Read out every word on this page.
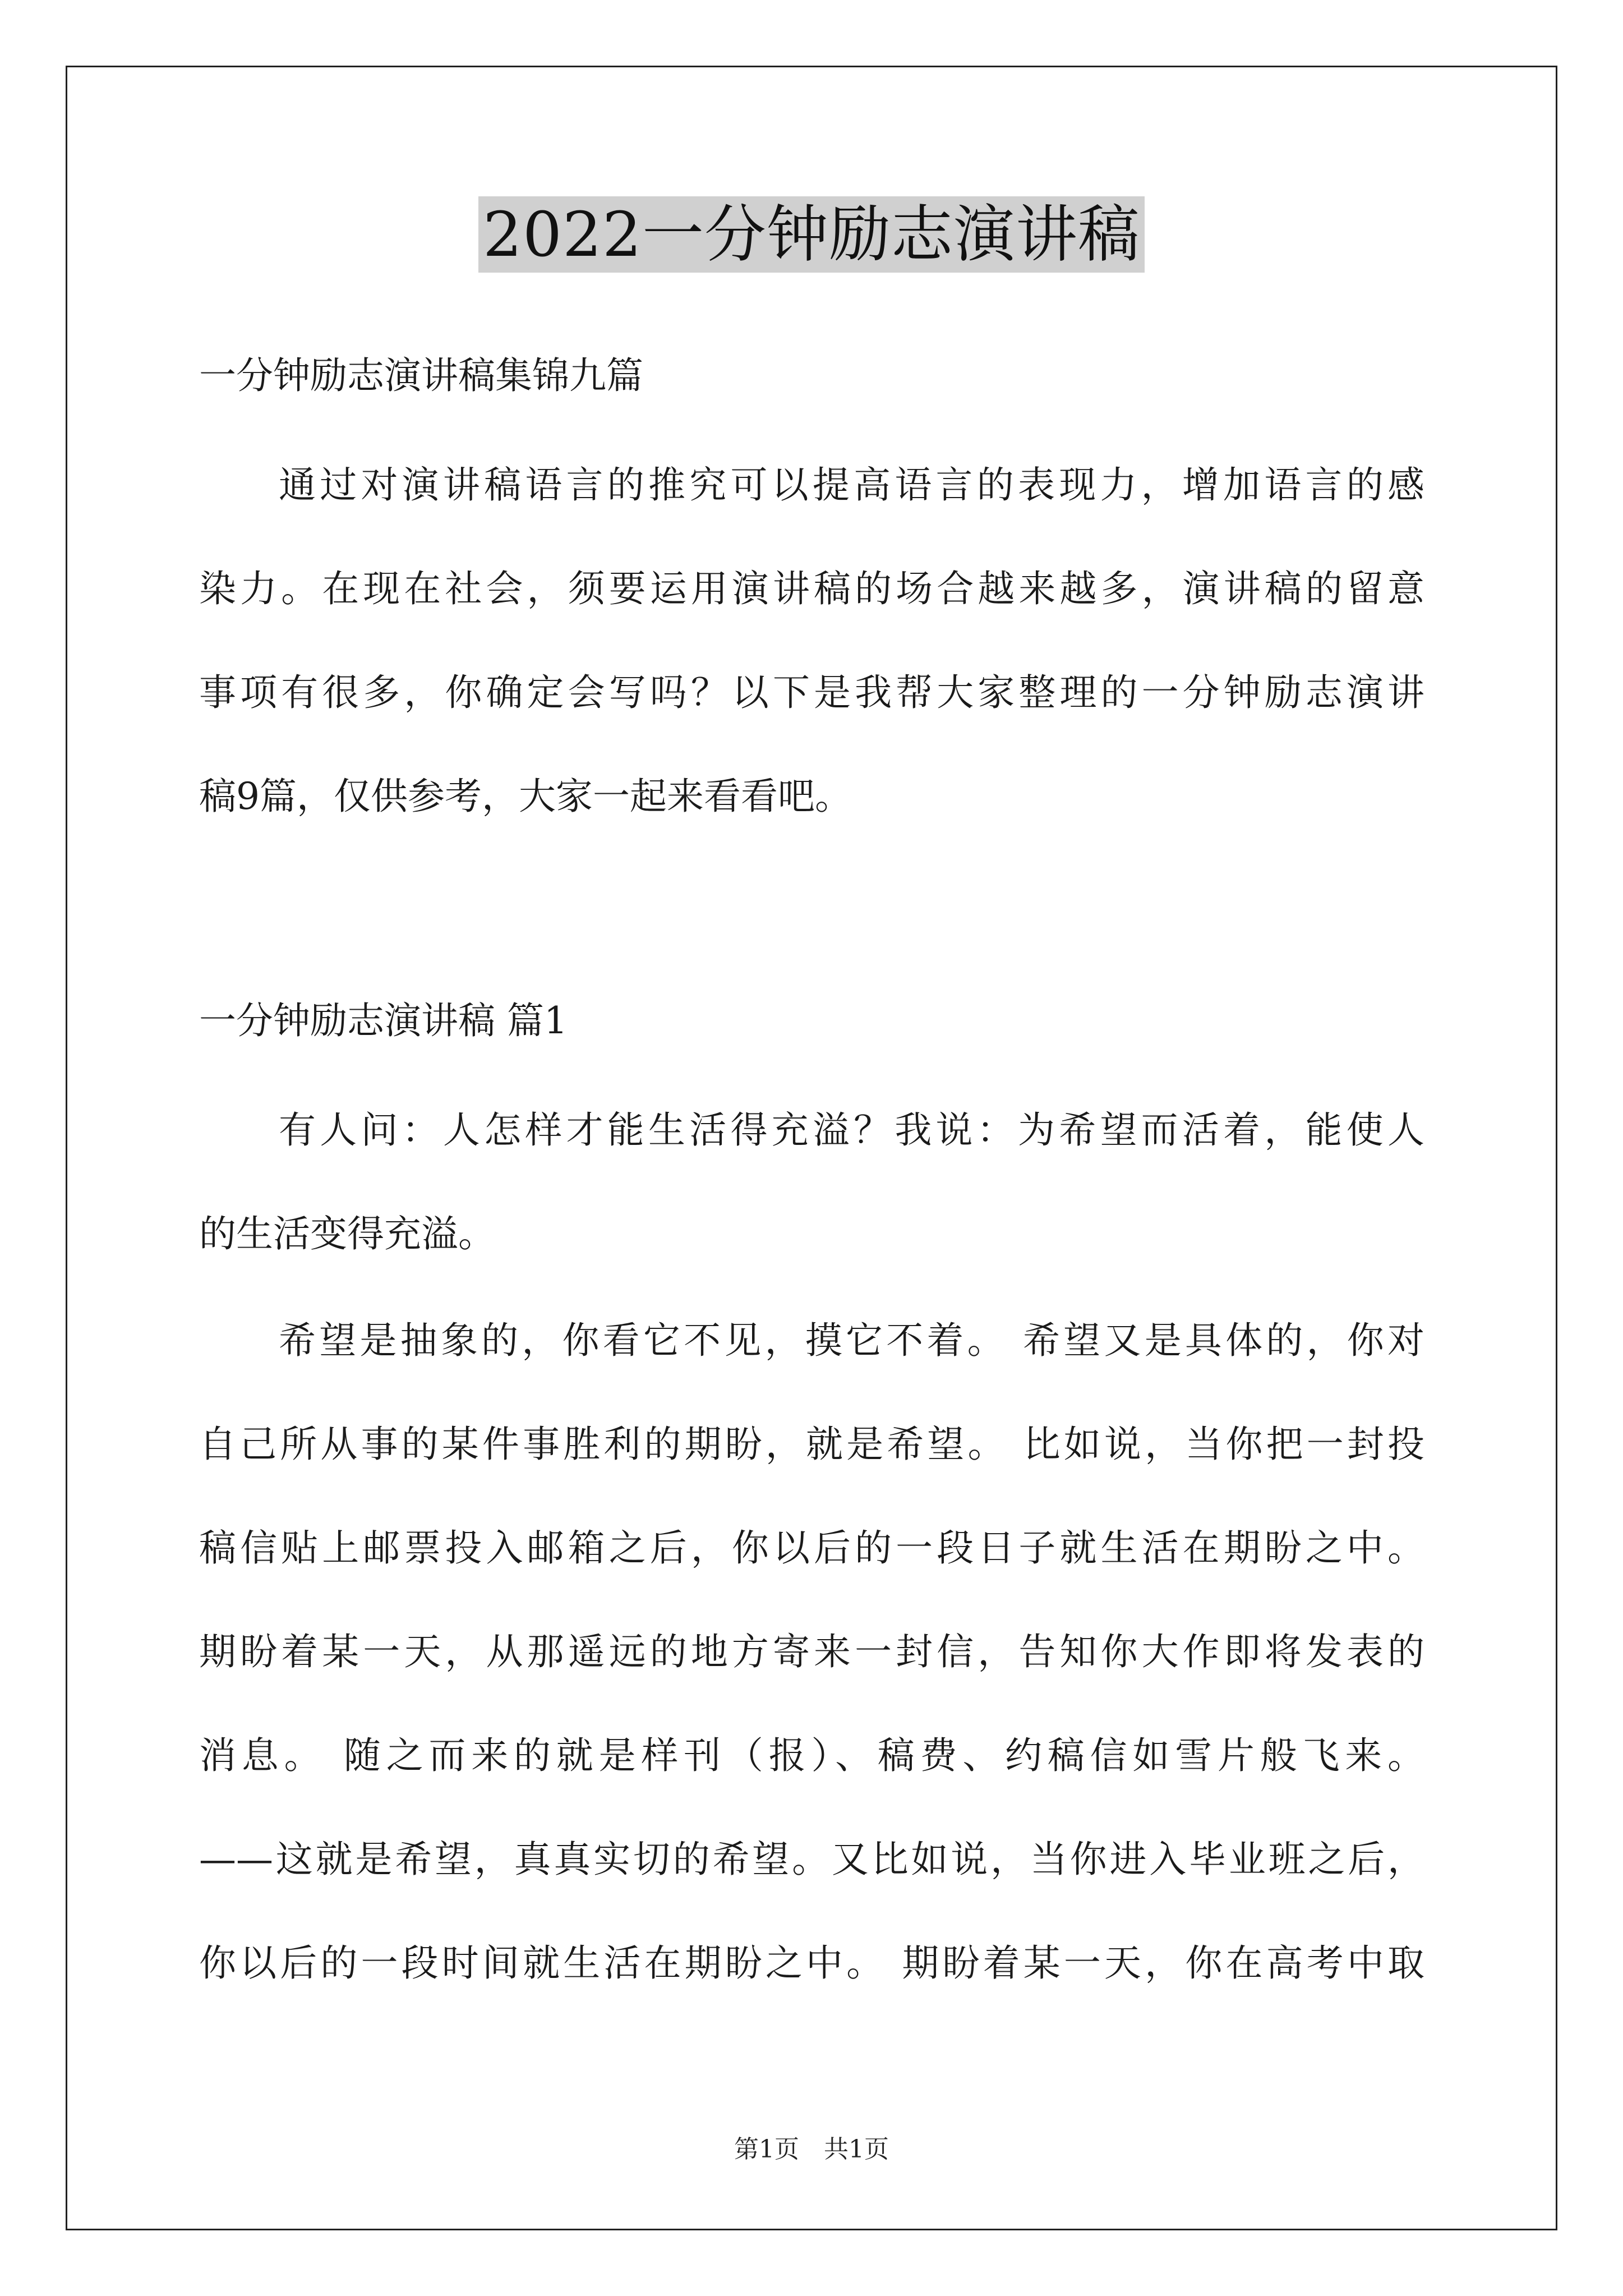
2022一分钟励志演讲稿
一分钟励志演讲稿集锦九篇
通过对演讲稿语言的推究可以提高语言的表现力，增加语言的感
染力。在现在社会，须要运用演讲稿的场合越来越多，演讲稿的留意
事项有很多，你确定会写吗？以下是我帮大家整理的一分钟励志演讲
稿9篇，仅供参考，大家一起来看看吧。
一分钟励志演讲稿 篇1
有人问：人怎样才能生活得充溢？我说：为希望而活着，能使人
的生活变得充溢。
希望是抽象的，你看它不见，摸它不着。 希望又是具体的，你对
自己所从事的某件事胜利的期盼，就是希望。 比如说，当你把一封投
稿信贴上邮票投入邮箱之后，你以后的一段日子就生活在期盼之中。
期盼着某一天，从那遥远的地方寄来一封信，告知你大作即将发表的
消息。 随之而来的就是样刊（报）、稿费、约稿信如雪片般飞来。
——这就是希望，真真实切的希望。又比如说，当你进入毕业班之后，
你以后的一段时间就生活在期盼之中。 期盼着某一天，你在高考中取
第1页　共1页
